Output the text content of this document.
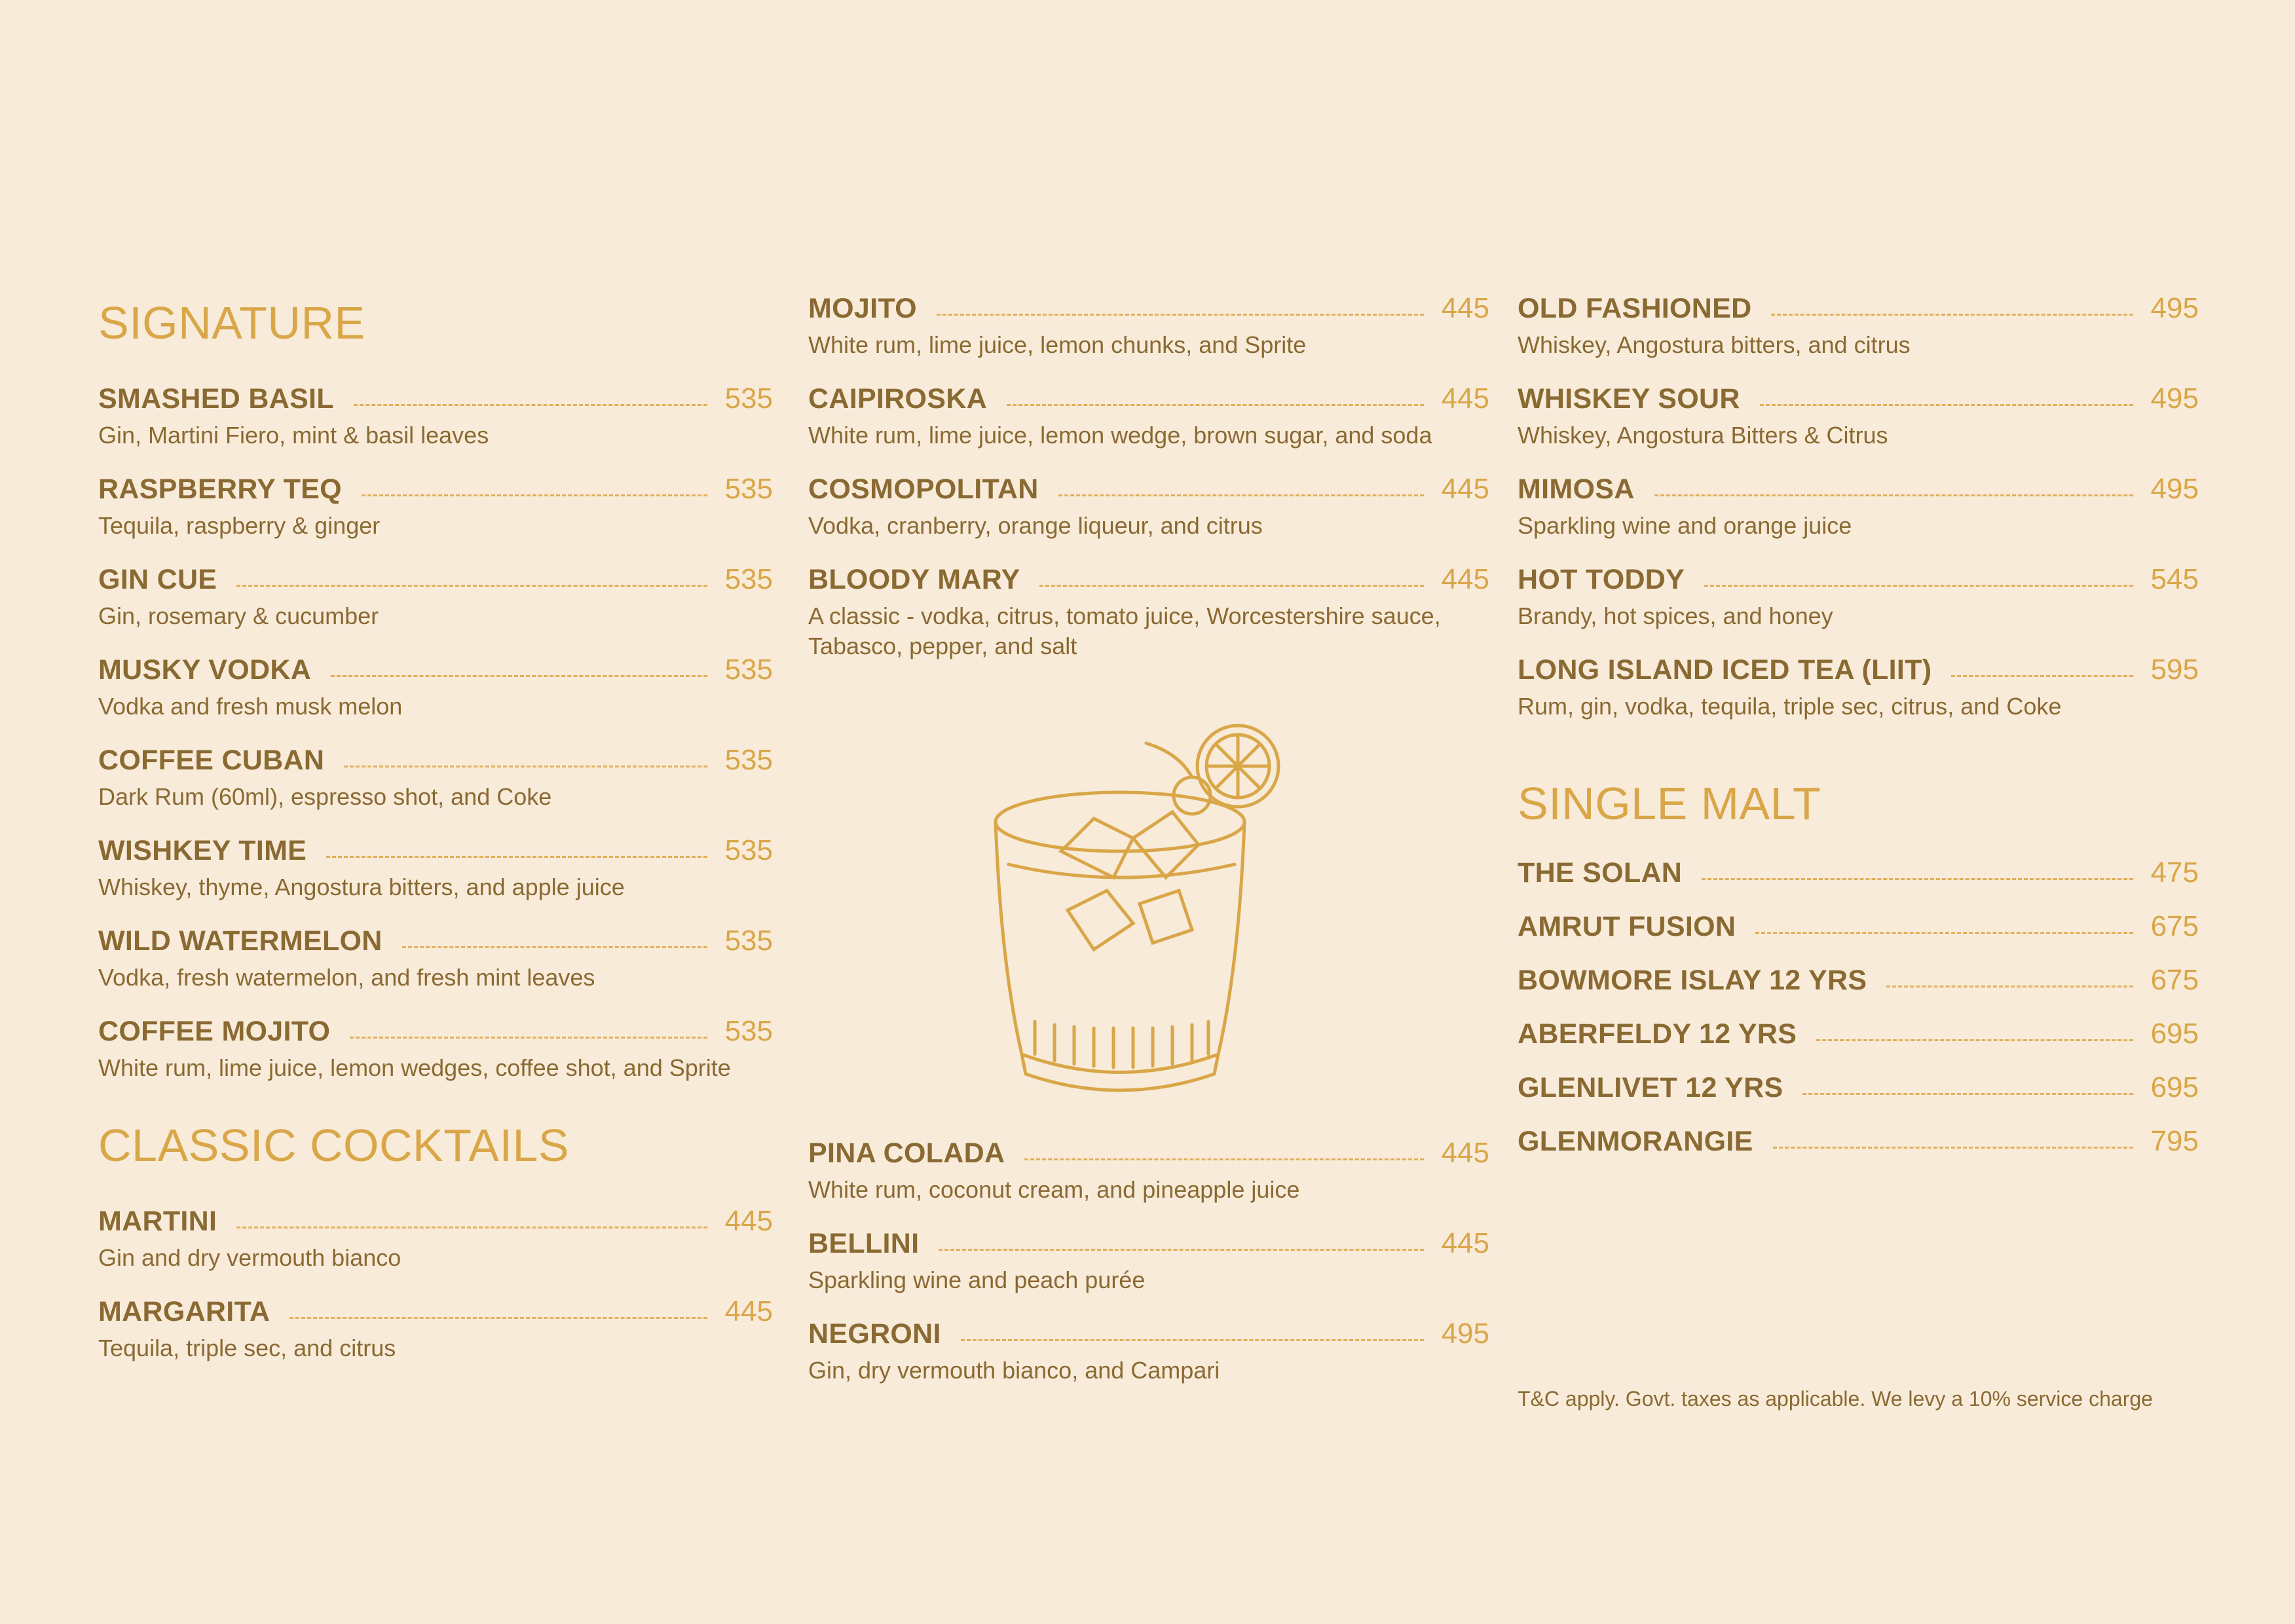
SIGNATURE
SMASHED BASIL	535
Gin, Martini Fiero, mint & basil leaves
RASPBERRY TEQ	535
Tequila, raspberry & ginger
GIN CUE	535
Gin, rosemary & cucumber
MUSKY VODKA	535
Vodka and fresh musk melon
COFFEE CUBAN	535
Dark Rum (60ml), espresso shot, and Coke
WISHKEY TIME	535
Whiskey, thyme, Angostura bitters, and apple juice
WILD WATERMELON	535
Vodka, fresh watermelon, and fresh mint leaves
COFFEE MOJITO	535
White rum, lime juice, lemon wedges, coffee shot, and Sprite
CLASSIC COCKTAILS
MARTINI	445
Gin and dry vermouth bianco
MARGARITA	445
Tequila, triple sec, and citrus
MOJITO	445
White rum, lime juice, lemon chunks, and Sprite
CAIPIROSKA	445
White rum, lime juice, lemon wedge, brown sugar, and soda
COSMOPOLITAN	445
Vodka, cranberry, orange liqueur, and citrus
BLOODY MARY	445
A classic - vodka, citrus, tomato juice, Worcestershire sauce, Tabasco, pepper, and salt
PINA COLADA	445
White rum, coconut cream, and pineapple juice
BELLINI	445
Sparkling wine and peach purée
NEGRONI	495
Gin, dry vermouth bianco, and Campari
OLD FASHIONED	495
Whiskey, Angostura bitters, and citrus
WHISKEY SOUR	495
Whiskey, Angostura Bitters & Citrus
MIMOSA	495
Sparkling wine and orange juice
HOT TODDY	545
Brandy, hot spices, and honey
LONG ISLAND ICED TEA (LIIT)	595
Rum, gin, vodka, tequila, triple sec, citrus, and Coke
SINGLE MALT
THE SOLAN	475
AMRUT FUSION	675
BOWMORE ISLAY 12 YRS	675
ABERFELDY 12 YRS	695
GLENLIVET 12 YRS	695
GLENMORANGIE	795
T&C apply. Govt. taxes as applicable. We levy a 10% service charge
